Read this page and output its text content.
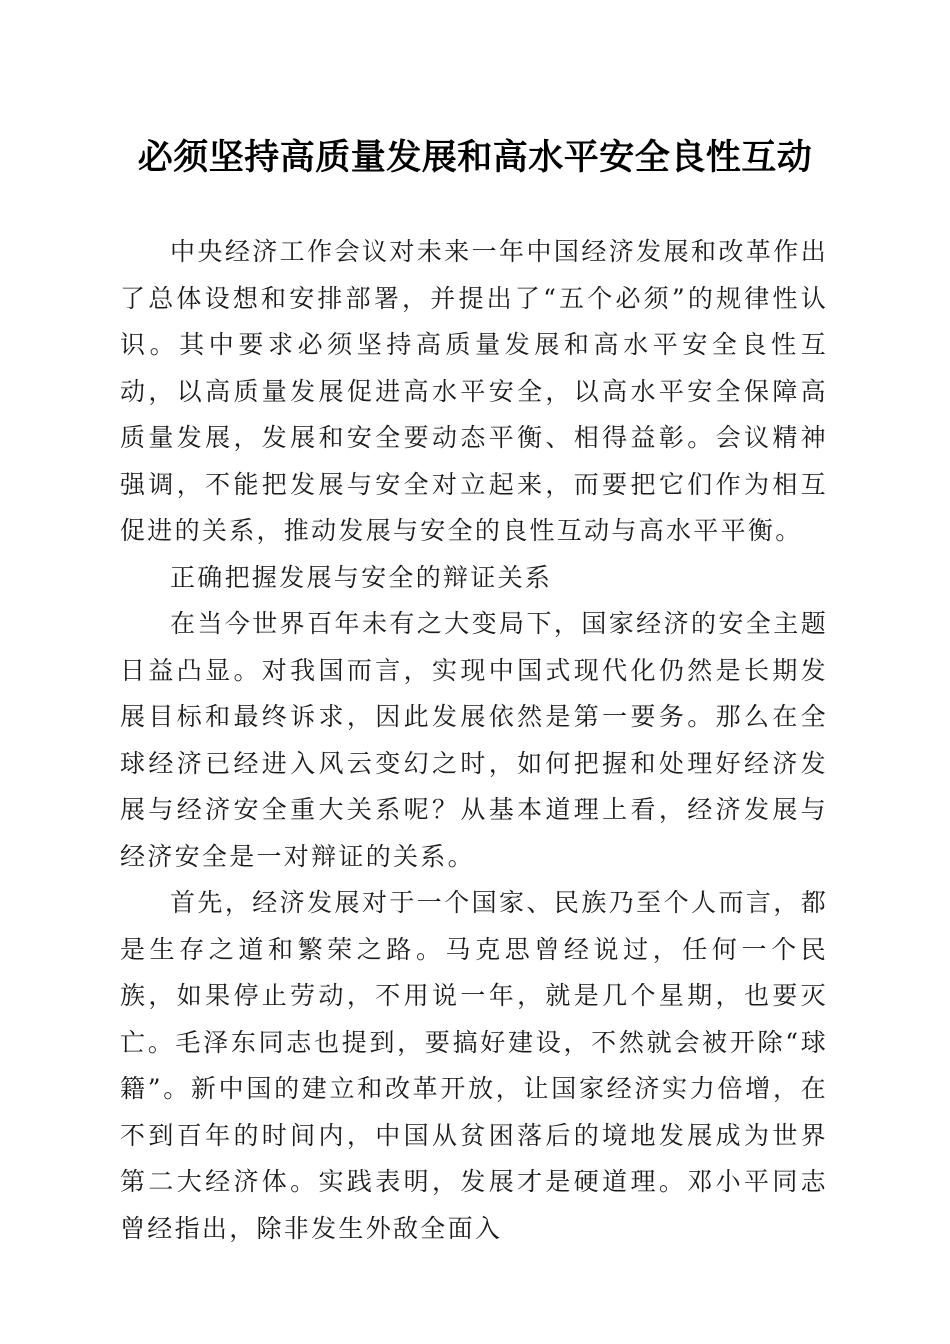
必须坚持高质量发展和高水平安全良性互动

中央经济工作会议对未来一年中国经济发展和改革作出了总体设想和安排部署，并提出了“五个必须”的规律性认识。其中要求必须坚持高质量发展和高水平安全良性互动，以高质量发展促进高水平安全，以高水平安全保障高质量发展，发展和安全要动态平衡、相得益彰。会议精神强调，不能把发展与安全对立起来，而要把它们作为相互促进的关系，推动发展与安全的良性互动与高水平平衡。

正确把握发展与安全的辩证关系

在当今世界百年未有之大变局下，国家经济的安全主题日益凸显。对我国而言，实现中国式现代化仍然是长期发展目标和最终诉求，因此发展依然是第一要务。那么在全球经济已经进入风云变幻之时，如何把握和处理好经济发展与经济安全重大关系呢？从基本道理上看，经济发展与经济安全是一对辩证的关系。

首先，经济发展对于一个国家、民族乃至个人而言，都是生存之道和繁荣之路。马克思曾经说过，任何一个民族，如果停止劳动，不用说一年，就是几个星期，也要灭亡。毛泽东同志也提到，要搞好建设，不然就会被开除“球籍”。新中国的建立和改革开放，让国家经济实力倍增，在不到百年的时间内，中国从贫困落后的境地发展成为世界第二大经济体。实践表明，发展才是硬道理。邓小平同志曾经指出，除非发生外敌全面入
